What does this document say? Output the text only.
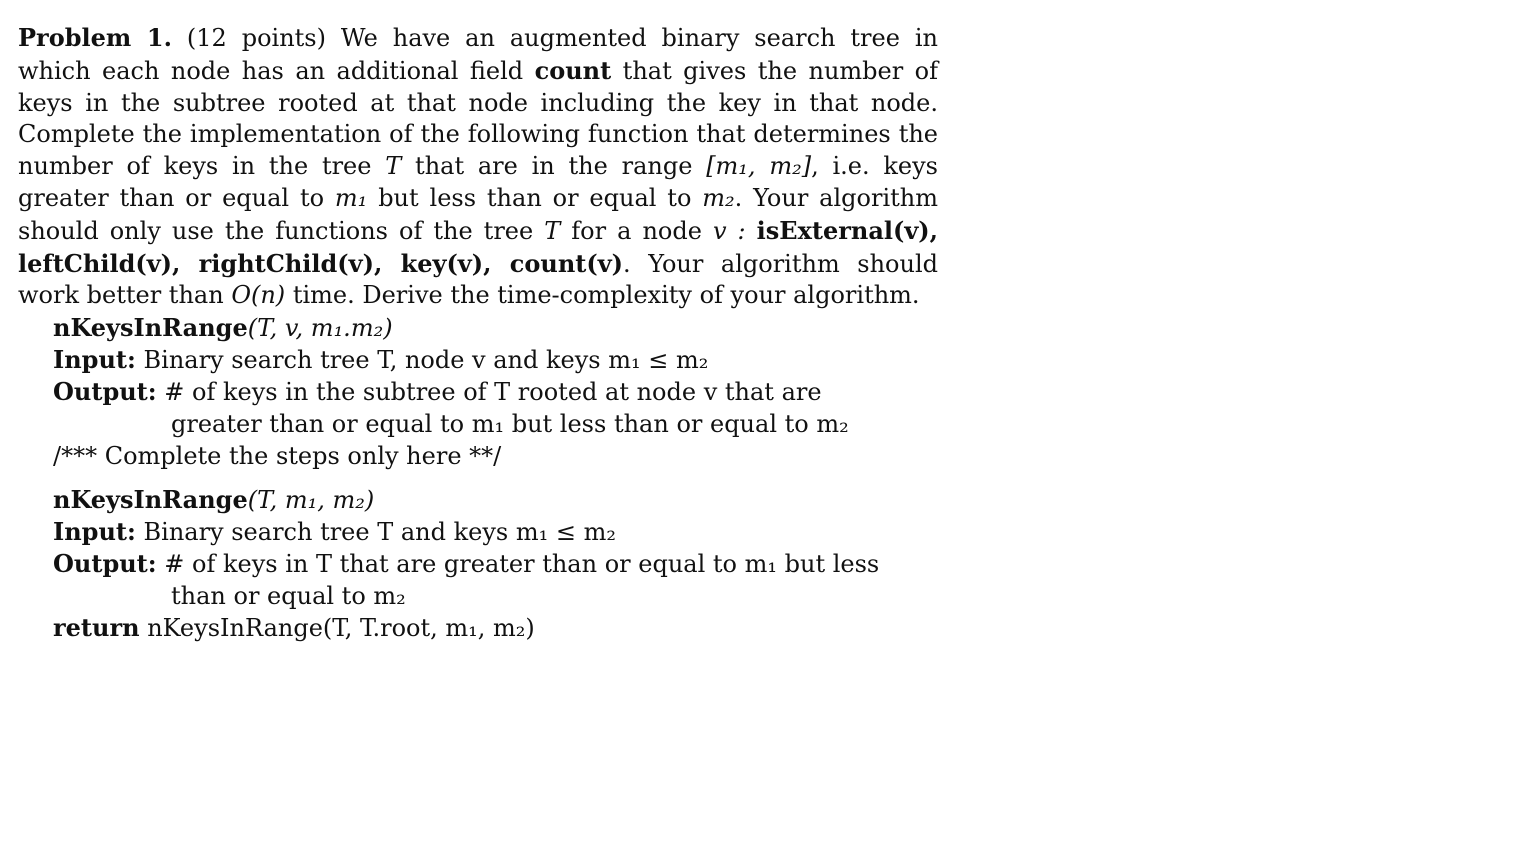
Problem 1. (12 points) We have an augmented binary search tree in which each node has an additional field count that gives the number of keys in the subtree rooted at that node including the key in that node. Complete the implementation of the following function that determines the number of keys in the tree T that are in the range [m₁, m₂], i.e. keys greater than or equal to m₁ but less than or equal to m₂. Your algorithm should only use the functions of the tree T for a node v : isExternal(v), leftChild(v), rightChild(v), key(v), count(v). Your algorithm should work better than O(n) time. Derive the time-complexity of your algorithm.

nKeysInRange(T, v, m₁.m₂)
Input: Binary search tree T, node v and keys m₁ ≤ m₂
Output: # of keys in the subtree of T rooted at node v that are
greater than or equal to m₁ but less than or equal to m₂
/*** Complete the steps only here **/
nKeysInRange(T, m₁, m₂)
Input: Binary search tree T and keys m₁ ≤ m₂
Output: # of keys in T that are greater than or equal to m₁ but less
than or equal to m₂
return nKeysInRange(T, T.root, m₁, m₂)
